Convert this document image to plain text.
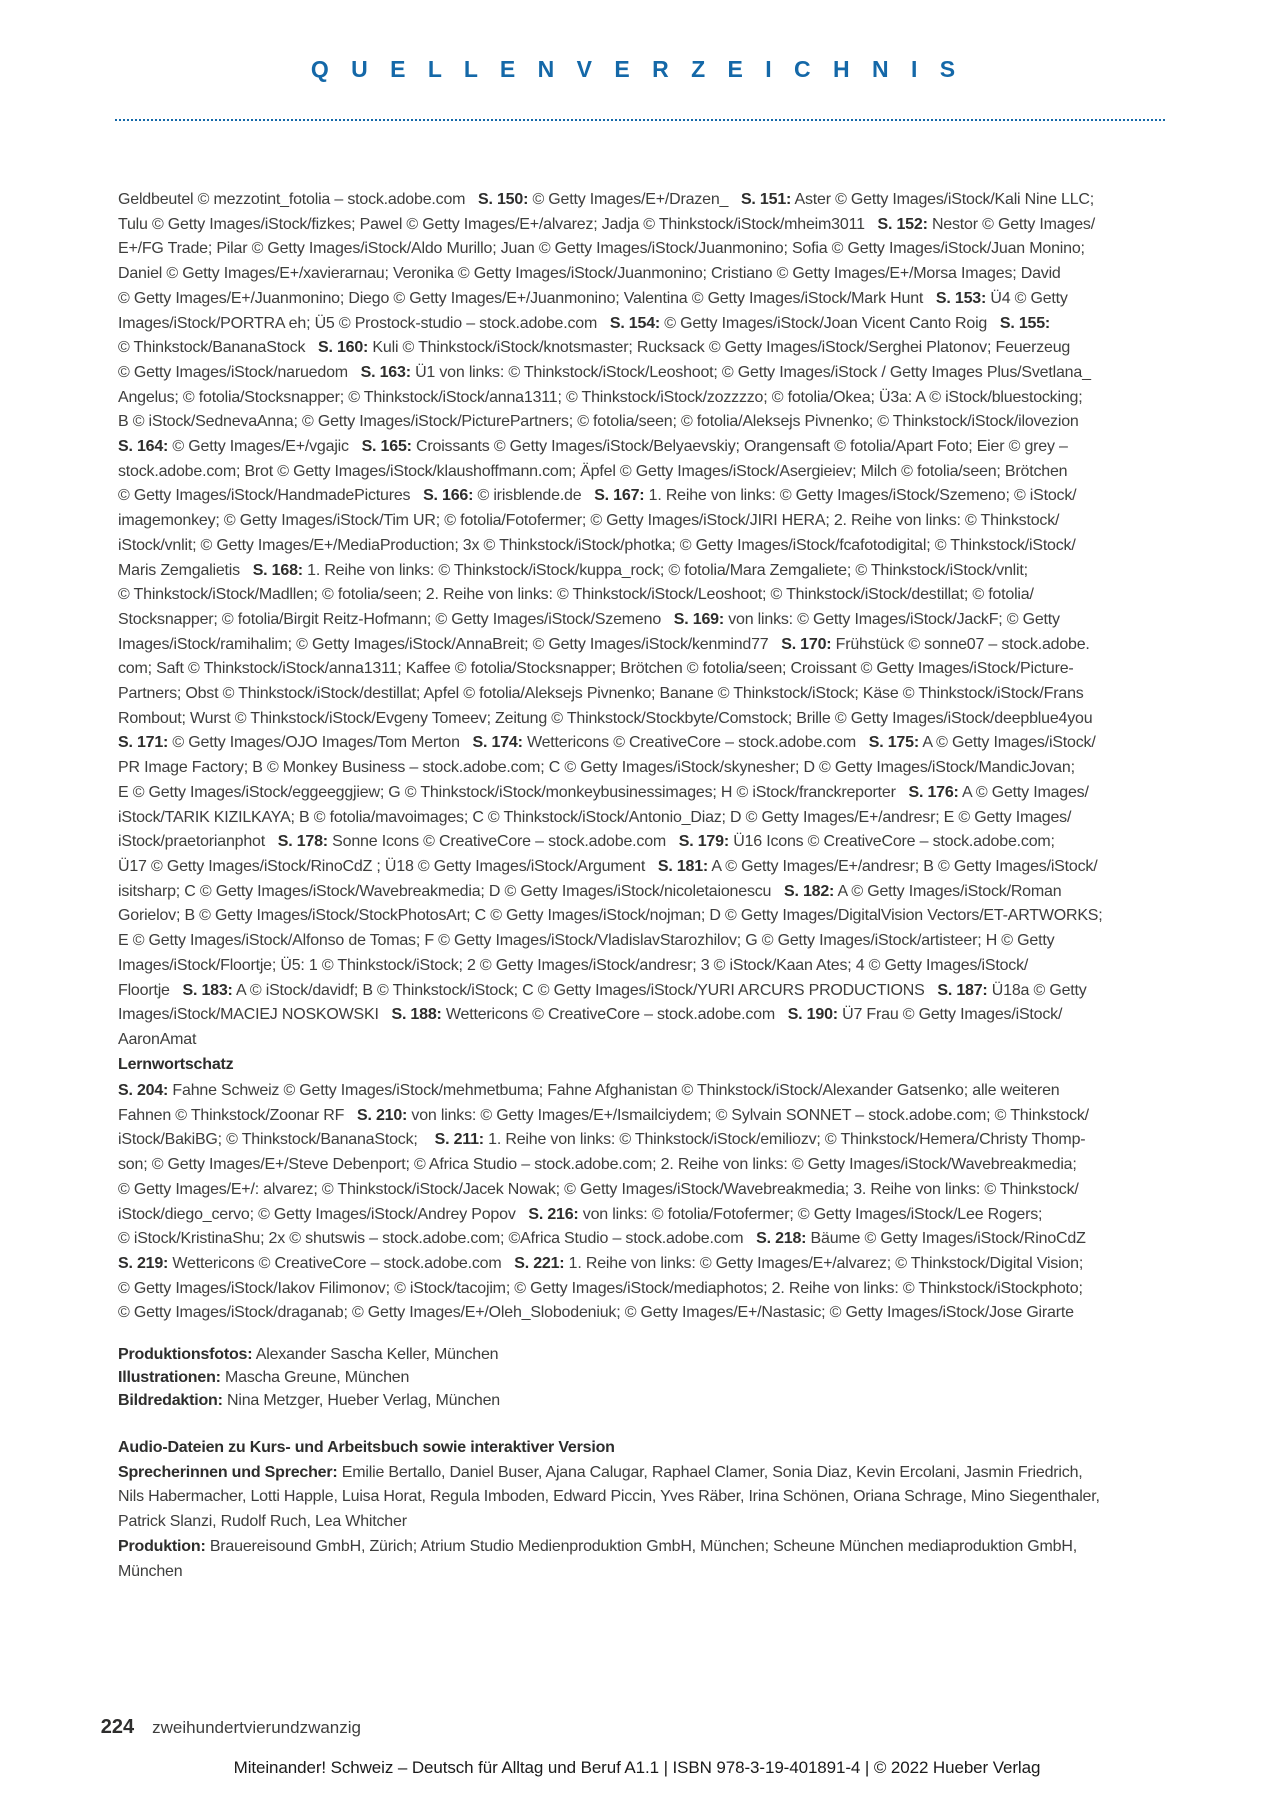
Q U E L L E N V E R Z E I C H N I S
Geldbeutel © mezzotint_fotolia – stock.adobe.com   S. 150: © Getty Images/E+/Drazen_   S. 151: Aster © Getty Images/iStock/Kali Nine LLC;
Tulu © Getty Images/iStock/fizkes; Pawel © Getty Images/E+/alvarez; Jadja © Thinkstock/iStock/mheim3011   S. 152: Nestor © Getty Images/
E+/FG Trade; Pilar © Getty Images/iStock/Aldo Murillo; Juan © Getty Images/iStock/Juanmonino; Sofia © Getty Images/iStock/Juan Monino;
Daniel © Getty Images/E+/xavierarnau; Veronika © Getty Images/iStock/Juanmonino; Cristiano © Getty Images/E+/Morsa Images; David
© Getty Images/E+/Juanmonino; Diego © Getty Images/E+/Juanmonino; Valentina © Getty Images/iStock/Mark Hunt   S. 153: Ü4 © Getty
Images/iStock/PORTRA eh; Ü5 © Prostock-studio – stock.adobe.com   S. 154: © Getty Images/iStock/Joan Vicent Canto Roig   S. 155:
© Thinkstock/BananaStock   S. 160: Kuli © Thinkstock/iStock/knotsmaster; Rucksack © Getty Images/iStock/Serghei Platonov; Feuerzeug
© Getty Images/iStock/naruedom   S. 163: Ü1 von links: © Thinkstock/iStock/Leoshoot; © Getty Images/iStock / Getty Images Plus/Svetlana_
Angelus; © fotolia/Stocksnapper; © Thinkstock/iStock/anna1311; © Thinkstock/iStock/zozzzzo; © fotolia/Okea; Ü3a: A © iStock/bluestocking;
B © iStock/SednevaAnna; © Getty Images/iStock/PicturePartners; © fotolia/seen; © fotolia/Aleksejs Pivnenko; © Thinkstock/iStock/ilovezion
S. 164: © Getty Images/E+/vgajic   S. 165: Croissants © Getty Images/iStock/Belyaevskiy; Orangensaft © fotolia/Apart Foto; Eier © grey –
stock.adobe.com; Brot © Getty Images/iStock/klaushoffmann.com; Äpfel © Getty Images/iStock/Asergieiev; Milch © fotolia/seen; Brötchen
© Getty Images/iStock/HandmadePictures   S. 166: © irisblende.de   S. 167: 1. Reihe von links: © Getty Images/iStock/Szemeno; © iStock/
imagemonkey; © Getty Images/iStock/Tim UR; © fotolia/Fotofermer; © Getty Images/iStock/JIRI HERA; 2. Reihe von links: © Thinkstock/
iStock/vnlit; © Getty Images/E+/MediaProduction; 3x © Thinkstock/iStock/photka; © Getty Images/iStock/fcafotodigital; © Thinkstock/iStock/
Maris Zemgalietis   S. 168: 1. Reihe von links: © Thinkstock/iStock/kuppa_rock; © fotolia/Mara Zemgaliete; © Thinkstock/iStock/vnlit;
© Thinkstock/iStock/Madllen; © fotolia/seen; 2. Reihe von links: © Thinkstock/iStock/Leoshoot; © Thinkstock/iStock/destillat; © fotolia/
Stocksnapper; © fotolia/Birgit Reitz-Hofmann; © Getty Images/iStock/Szemeno   S. 169: von links: © Getty Images/iStock/JackF; © Getty
Images/iStock/ramihalim; © Getty Images/iStock/AnnaBreit; © Getty Images/iStock/kenmind77   S. 170: Frühstück © sonne07 – stock.adobe.
com; Saft © Thinkstock/iStock/anna1311; Kaffee © fotolia/Stocksnapper; Brötchen © fotolia/seen; Croissant © Getty Images/iStock/Picture-
Partners; Obst © Thinkstock/iStock/destillat; Apfel © fotolia/Aleksejs Pivnenko; Banane © Thinkstock/iStock; Käse © Thinkstock/iStock/Frans
Rombout; Wurst © Thinkstock/iStock/Evgeny Tomeev; Zeitung © Thinkstock/Stockbyte/Comstock; Brille © Getty Images/iStock/deepblue4you
S. 171: © Getty Images/OJO Images/Tom Merton   S. 174: Wettericons © CreativeCore – stock.adobe.com   S. 175: A © Getty Images/iStock/
PR Image Factory; B © Monkey Business – stock.adobe.com; C © Getty Images/iStock/skynesher; D © Getty Images/iStock/MandicJovan;
E © Getty Images/iStock/eggeeggjiew; G © Thinkstock/iStock/monkeybusinessimages; H © iStock/franckreporter   S. 176: A © Getty Images/
iStock/TARIK KIZILKAYA; B © fotolia/mavoimages; C © Thinkstock/iStock/Antonio_Diaz; D © Getty Images/E+/andresr; E © Getty Images/
iStock/praetorianphot   S. 178: Sonne Icons © CreativeCore – stock.adobe.com   S. 179: Ü16 Icons © CreativeCore – stock.adobe.com;
Ü17 © Getty Images/iStock/RinoCdZ ; Ü18 © Getty Images/iStock/Argument   S. 181: A © Getty Images/E+/andresr; B © Getty Images/iStock/
isitsharp; C © Getty Images/iStock/Wavebreakmedia; D © Getty Images/iStock/nicoletaionescu   S. 182: A © Getty Images/iStock/Roman
Gorielov; B © Getty Images/iStock/StockPhotosArt; C © Getty Images/iStock/nojman; D © Getty Images/DigitalVision Vectors/ET-ARTWORKS;
E © Getty Images/iStock/Alfonso de Tomas; F © Getty Images/iStock/VladislavStarozhilov; G © Getty Images/iStock/artisteer; H © Getty
Images/iStock/Floortje; Ü5: 1 © Thinkstock/iStock; 2 © Getty Images/iStock/andresr; 3 © iStock/Kaan Ates; 4 © Getty Images/iStock/
Floortje   S. 183: A © iStock/davidf; B © Thinkstock/iStock; C © Getty Images/iStock/YURI ARCURS PRODUCTIONS   S. 187: Ü18a © Getty
Images/iStock/MACIEJ NOSKOWSKI   S. 188: Wettericons © CreativeCore – stock.adobe.com   S. 190: Ü7 Frau © Getty Images/iStock/
AaronAmat
Lernwortschatz
S. 204: Fahne Schweiz © Getty Images/iStock/mehmetbuma; Fahne Afghanistan © Thinkstock/iStock/Alexander Gatsenko; alle weiteren
Fahnen © Thinkstock/Zoonar RF   S. 210: von links: © Getty Images/E+/Ismailciydem; © Sylvain SONNET – stock.adobe.com; © Thinkstock/
iStock/BakiBG; © Thinkstock/BananaStock;    S. 211: 1. Reihe von links: © Thinkstock/iStock/emiliozv; © Thinkstock/Hemera/Christy Thomp-
son; © Getty Images/E+/Steve Debenport; © Africa Studio – stock.adobe.com; 2. Reihe von links: © Getty Images/iStock/Wavebreakmedia;
© Getty Images/E+/: alvarez; © Thinkstock/iStock/Jacek Nowak; © Getty Images/iStock/Wavebreakmedia; 3. Reihe von links: © Thinkstock/
iStock/diego_cervo; © Getty Images/iStock/Andrey Popov   S. 216: von links: © fotolia/Fotofermer; © Getty Images/iStock/Lee Rogers;
© iStock/KristinaShu; 2x © shutswis – stock.adobe.com; ©Africa Studio – stock.adobe.com   S. 218: Bäume © Getty Images/iStock/RinoCdZ
S. 219: Wettericons © CreativeCore – stock.adobe.com   S. 221: 1. Reihe von links: © Getty Images/E+/alvarez; © Thinkstock/Digital Vision;
© Getty Images/iStock/Iakov Filimonov; © iStock/tacojim; © Getty Images/iStock/mediaphotos; 2. Reihe von links: © Thinkstock/iStockphoto;
© Getty Images/iStock/draganab; © Getty Images/E+/Oleh_Slobodeniuk; © Getty Images/E+/Nastasic; © Getty Images/iStock/Jose Girarte
Produktionsfotos: Alexander Sascha Keller, München
Illustrationen: Mascha Greune, München
Bildredaktion: Nina Metzger, Hueber Verlag, München
Audio-Dateien zu Kurs- und Arbeitsbuch sowie interaktiver Version
Sprecherinnen und Sprecher: Emilie Bertallo, Daniel Buser, Ajana Calugar, Raphael Clamer, Sonia Diaz, Kevin Ercolani, Jasmin Friedrich,
Nils Habermacher, Lotti Happle, Luisa Horat, Regula Imboden, Edward Piccin, Yves Räber, Irina Schönen, Oriana Schrage, Mino Siegenthaler,
Patrick Slanzi, Rudolf Ruch, Lea Whitcher
Produktion: Brauereisound GmbH, Zürich; Atrium Studio Medienproduktion GmbH, München; Scheune München mediaproduktion GmbH,
München

224 zweihundertvierundzwanzig

Miteinander! Schweiz – Deutsch für Alltag und Beruf A1.1 | ISBN 978-3-19-401891-4 | © 2022 Hueber Verlag
